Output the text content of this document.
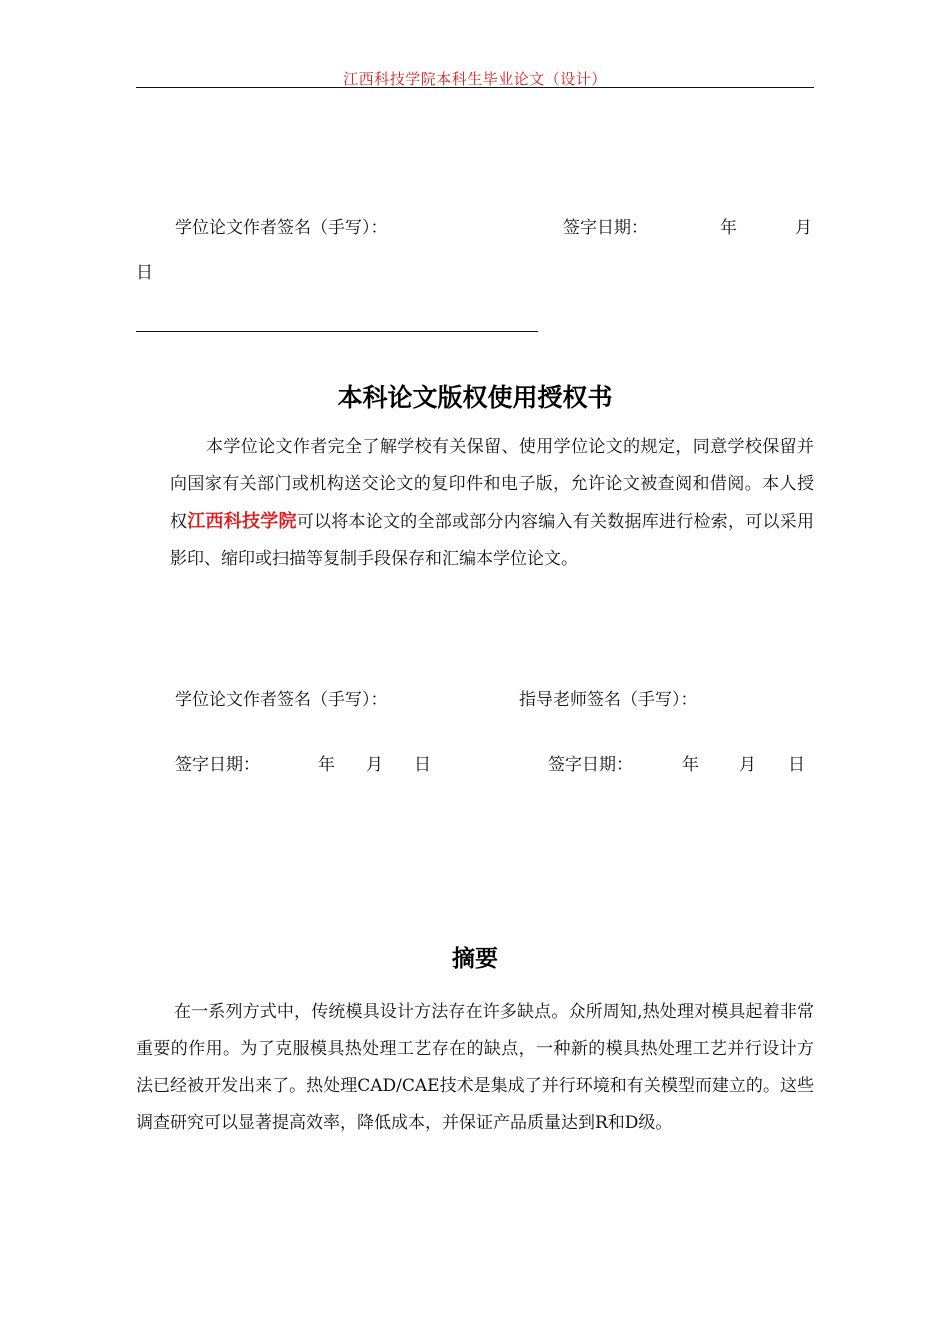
江西科技学院本科生毕业论文（设计）
学位论文作者签名（手写）：	签字日期：	年	月
日
本科论文版权使用授权书

本学位论文作者完全了解学校有关保留、使用学位论文的规定，同意学校保留并向国家有关部门或机构送交论文的复印件和电子版，允许论文被查阅和借阅。本人授权江西科技学院可以将本论文的全部或部分内容编入有关数据库进行检索，可以采用影印、缩印或扫描等复制手段保存和汇编本学位论文。

学位论文作者签名（手写）：	指导老师签名（手写）：
签字日期：	年 月 日	签字日期：	年 月 日
摘要

在一系列方式中，传统模具设计方法存在许多缺点。众所周知,热处理对模具起着非常重要的作用。为了克服模具热处理工艺存在的缺点，一种新的模具热处理工艺并行设计方法已经被开发出来了。热处理CAD/CAE技术是集成了并行环境和有关模型而建立的。这些调查研究可以显著提高效率，降低成本，并保证产品质量达到R和D级。
